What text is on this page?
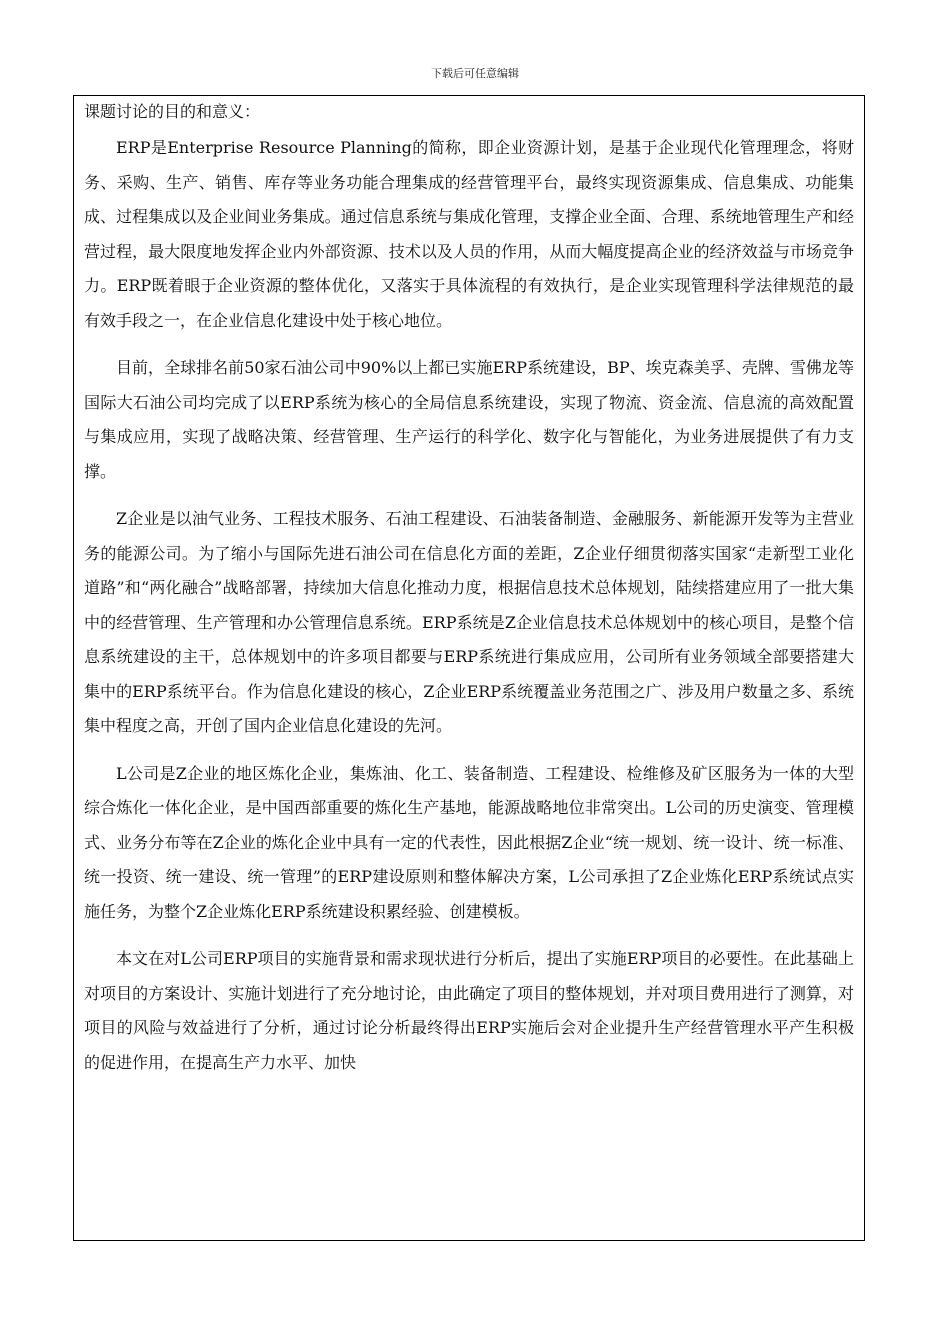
下载后可任意编辑

课题讨论的目的和意义：

ERP是Enterprise Resource Planning的简称，即企业资源计划，是基于企业现代化管理理念，将财务、采购、生产、销售、库存等业务功能合理集成的经营管理平台，最终实现资源集成、信息集成、功能集成、过程集成以及企业间业务集成。通过信息系统与集成化管理，支撑企业全面、合理、系统地管理生产和经营过程，最大限度地发挥企业内外部资源、技术以及人员的作用，从而大幅度提高企业的经济效益与市场竞争力。ERP既着眼于企业资源的整体优化，又落实于具体流程的有效执行，是企业实现管理科学法律规范的最有效手段之一，在企业信息化建设中处于核心地位。

目前，全球排名前50家石油公司中90%以上都已实施ERP系统建设，BP、埃克森美孚、壳牌、雪佛龙等国际大石油公司均完成了以ERP系统为核心的全局信息系统建设，实现了物流、资金流、信息流的高效配置与集成应用，实现了战略决策、经营管理、生产运行的科学化、数字化与智能化，为业务进展提供了有力支撑。

Z企业是以油气业务、工程技术服务、石油工程建设、石油装备制造、金融服务、新能源开发等为主营业务的能源公司。为了缩小与国际先进石油公司在信息化方面的差距，Z企业仔细贯彻落实国家“走新型工业化道路”和“两化融合”战略部署，持续加大信息化推动力度，根据信息技术总体规划，陆续搭建应用了一批大集中的经营管理、生产管理和办公管理信息系统。ERP系统是Z企业信息技术总体规划中的核心项目，是整个信息系统建设的主干，总体规划中的许多项目都要与ERP系统进行集成应用，公司所有业务领域全部要搭建大集中的ERP系统平台。作为信息化建设的核心，Z企业ERP系统覆盖业务范围之广、涉及用户数量之多、系统集中程度之高，开创了国内企业信息化建设的先河。

L公司是Z企业的地区炼化企业，集炼油、化工、装备制造、工程建设、检维修及矿区服务为一体的大型综合炼化一体化企业，是中国西部重要的炼化生产基地，能源战略地位非常突出。L公司的历史演变、管理模式、业务分布等在Z企业的炼化企业中具有一定的代表性，因此根据Z企业“统一规划、统一设计、统一标准、统一投资、统一建设、统一管理”的ERP建设原则和整体解决方案，L公司承担了Z企业炼化ERP系统试点实施任务，为整个Z企业炼化ERP系统建设积累经验、创建模板。

本文在对L公司ERP项目的实施背景和需求现状进行分析后，提出了实施ERP项目的必要性。在此基础上对项目的方案设计、实施计划进行了充分地讨论，由此确定了项目的整体规划，并对项目费用进行了测算，对项目的风险与效益进行了分析，通过讨论分析最终得出ERP实施后会对企业提升生产经营管理水平产生积极的促进作用，在提高生产力水平、加快
